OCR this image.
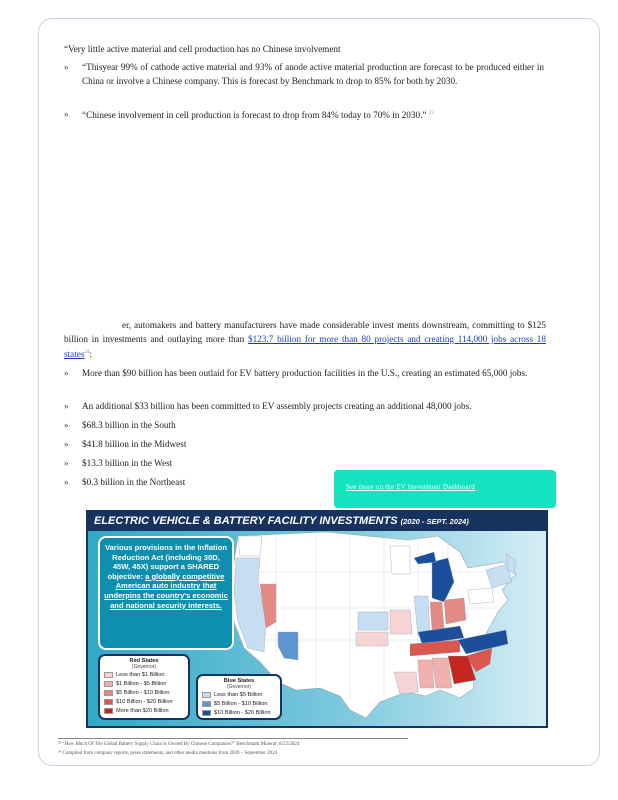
“Very little active material and cell production has no Chinese involvement
» “Thisyear 99% of cathode active material and 93% of anode active material production are forecast to be produced either in China or involve a Chinese company. This is forecast by Benchmark to drop to 85% for both by 2030.
» “Chinese involvement in cell production is forecast to drop from 84% today to 70% in 2030.” $^{23}$
er, automakers and battery manufacturers have made considerable invest ments downstream, committing to $125 billion in investments and outlaying more than $123.7 billion for more than 80 projects and creating 114,000 jobs across 18 states$^{24}$:
» More than $90 billion has been outlaid for EV battery production facilities in the U.S., creating an estimated 65,000 jobs.
» An additional $33 billion has been committed to EV assembly projects creating an additional 48,000 jobs.
» $68.3 billion in the South
» $41.8 billion in the Midwest
» $13.3 billion in the West
» $0.3 billion in the Northeast	See more on the EV Investment Dashboard
ELECTRIC VEHICLE & BATTERY FACILITY INVESTMENTS (2020 - SEPT. 2024)
Various provisions in the Inflation Reduction Act (including 30D, 45W, 45X) support a SHARED objective: a globally competitive American auto industry that underpins the country's economic and national security interests.
Red States
(Governor)
Less than $1 Billion
$1 Billion - $5 Billion
$5 Billion - $10 Billion
$10 Billion - $20 Billion
More than $20 Billion
Blue States
(Governor)
Less than $5 Billion
$5 Billion - $10 Billion
$10 Billion - $20 Billion
²³ “How Much Of The Global Battery Supply Chain Is Owned By Chinese Companies?” Benchmark Mineral, 8/22/2024
²⁴ Compiled from company reports, press statements, and other media mentions from 2020 – September 2024
